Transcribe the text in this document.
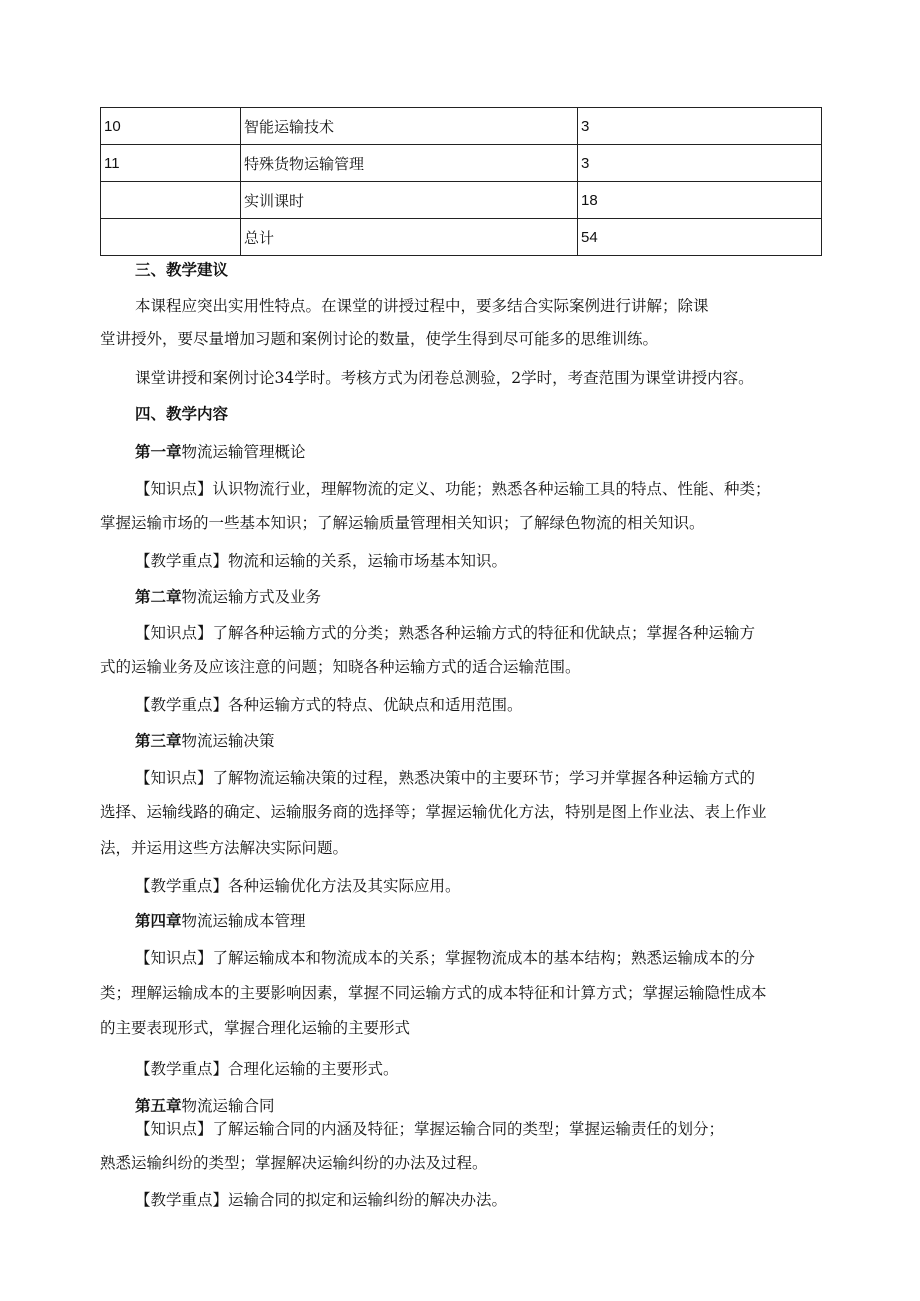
10	智能运输技术	3
11	特殊货物运输管理	3
	实训课时	18
	总计	54
三、教学建议
本课程应突出实用性特点。在课堂的讲授过程中，要多结合实际案例进行讲解；除课
堂讲授外，要尽量增加习题和案例讨论的数量，使学生得到尽可能多的思维训练。
课堂讲授和案例讨论34学时。考核方式为闭卷总测验，2学时，考查范围为课堂讲授内容。
四、教学内容
第一章物流运输管理概论
【知识点】认识物流行业，理解物流的定义、功能；熟悉各种运输工具的特点、性能、种类；
掌握运输市场的一些基本知识；了解运输质量管理相关知识；了解绿色物流的相关知识。
【教学重点】物流和运输的关系，运输市场基本知识。
第二章物流运输方式及业务
【知识点】了解各种运输方式的分类；熟悉各种运输方式的特征和优缺点；掌握各种运输方
式的运输业务及应该注意的问题；知晓各种运输方式的适合运输范围。
【教学重点】各种运输方式的特点、优缺点和适用范围。
第三章物流运输决策
【知识点】了解物流运输决策的过程，熟悉决策中的主要环节；学习并掌握各种运输方式的
选择、运输线路的确定、运输服务商的选择等；掌握运输优化方法，特别是图上作业法、表上作业
法，并运用这些方法解决实际问题。
【教学重点】各种运输优化方法及其实际应用。
第四章物流运输成本管理
【知识点】了解运输成本和物流成本的关系；掌握物流成本的基本结构；熟悉运输成本的分
类；理解运输成本的主要影响因素，掌握不同运输方式的成本特征和计算方式；掌握运输隐性成本
的主要表现形式，掌握合理化运输的主要形式
【教学重点】合理化运输的主要形式。
第五章物流运输合同
【知识点】了解运输合同的内涵及特征；掌握运输合同的类型；掌握运输责任的划分；
熟悉运输纠纷的类型；掌握解决运输纠纷的办法及过程。
【教学重点】运输合同的拟定和运输纠纷的解决办法。
